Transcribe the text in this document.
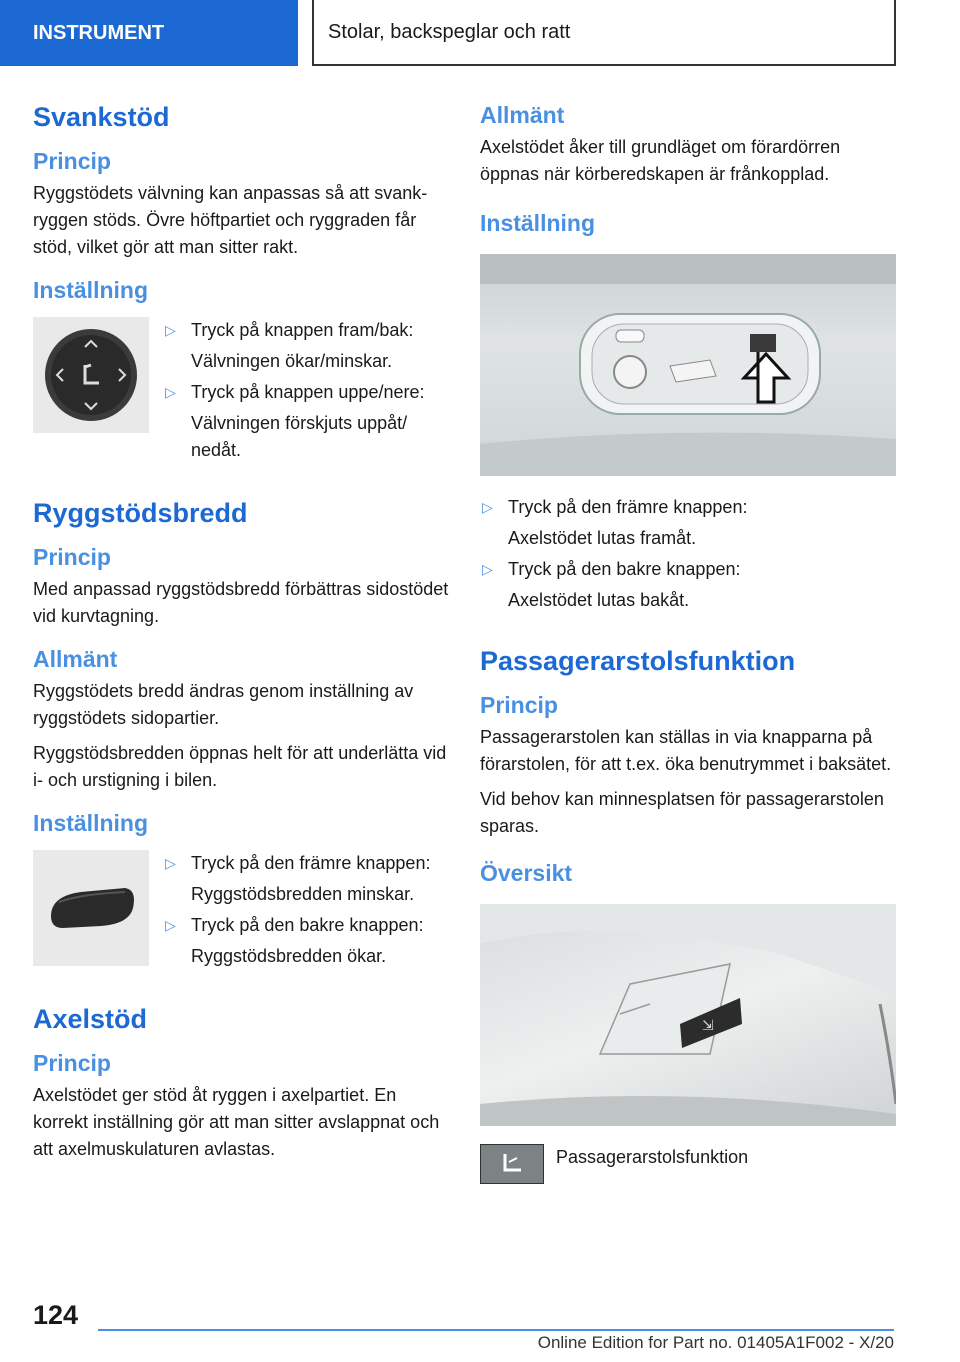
INSTRUMENT	Stolar, backspeglar och ratt
Svankstöd
Princip

Ryggstödets välvning kan anpassas så att svankryggen stöds. Övre höftpartiet och ryggraden får stöd, vilket gör att man sitter rakt.

Inställning
▷ Tryck på knappen fram/bak:
Välvningen ökar/minskar.
▷ Tryck på knappen uppe/nere:
Välvningen förskjuts uppåt/ nedåt.
Ryggstödsbredd
Princip

Med anpassad ryggstödsbredd förbättras sidostödet vid kurvtagning.

Allmänt

Ryggstödets bredd ändras genom inställning av ryggstödets sidopartier.

Ryggstödsbredden öppnas helt för att underlätta vid i- och urstigning i bilen.

Inställning
▷ Tryck på den främre knappen:
Ryggstödsbredden minskar.
▷ Tryck på den bakre knappen:
Ryggstödsbredden ökar.
Axelstöd
Princip

Axelstödet ger stöd åt ryggen i axelpartiet. En korrekt inställning gör att man sitter avslappnat och att axelmuskulaturen avlastas.

Allmänt

Axelstödet åker till grundläget om förardörren öppnas när körberedskapen är frånkopplad.

Inställning
▷ Tryck på den främre knappen:
Axelstödet lutas framåt.
▷ Tryck på den bakre knappen:
Axelstödet lutas bakåt.
Passagerarstolsfunktion
Princip

Passagerarstolen kan ställas in via knapparna på förarstolen, för att t.ex. öka benutrymmet i baksätet.

Vid behov kan minnesplatsen för passagerarstolen sparas.

Översikt
⇲
Passagerarstolsfunktion
124
Online Edition for Part no. 01405A1F002 - X/20
